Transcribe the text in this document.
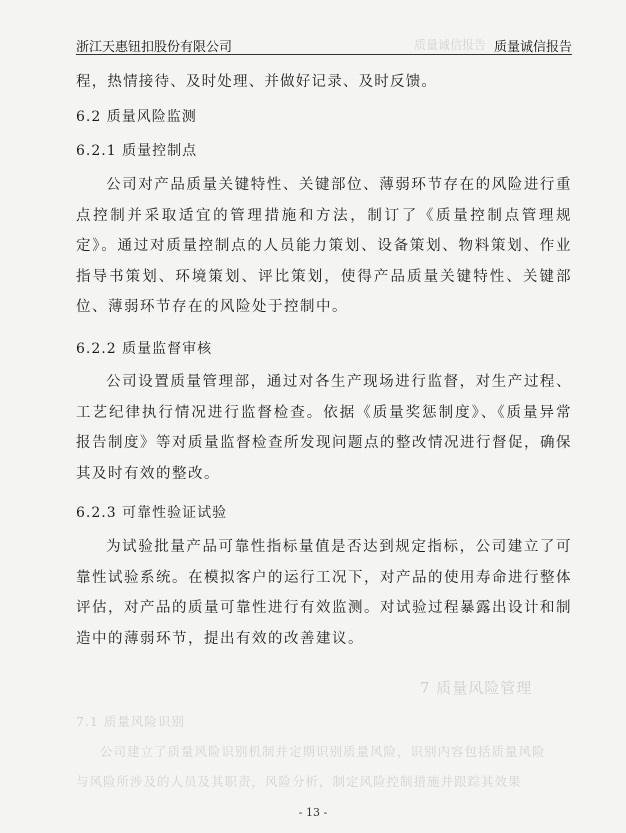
浙江天惠钮扣股份有限公司	质量诚信报告 质量诚信报告
程，热情接待、及时处理、并做好记录、及时反馈。
6.2 质量风险监测
6.2.1 质量控制点
公司对产品质量关键特性、关键部位、薄弱环节存在的风险进行重点控制并采取适宜的管理措施和方法，制订了《质量控制点管理规定》。通过对质量控制点的人员能力策划、设备策划、物料策划、作业指导书策划、环境策划、评比策划，使得产品质量关键特性、关键部位、薄弱环节存在的风险处于控制中。
6.2.2 质量监督审核
公司设置质量管理部，通过对各生产现场进行监督，对生产过程、工艺纪律执行情况进行监督检查。依据《质量奖惩制度》、《质量异常报告制度》等对质量监督检查所发现问题点的整改情况进行督促，确保其及时有效的整改。
6.2.3 可靠性验证试验
为试验批量产品可靠性指标量值是否达到规定指标，公司建立了可靠性试验系统。在模拟客户的运行工况下，对产品的使用寿命进行整体评估，对产品的质量可靠性进行有效监测。对试验过程暴露出设计和制造中的薄弱环节，提出有效的改善建议。
7 质量风险管理
7.1 质量风险识别
公司建立了质量风险识别机制并定期识别质量风险，识别内容包括质量风险
与风险所涉及的人员及其职责，风险分析，制定风险控制措施并跟踪其效果
- 13 -
